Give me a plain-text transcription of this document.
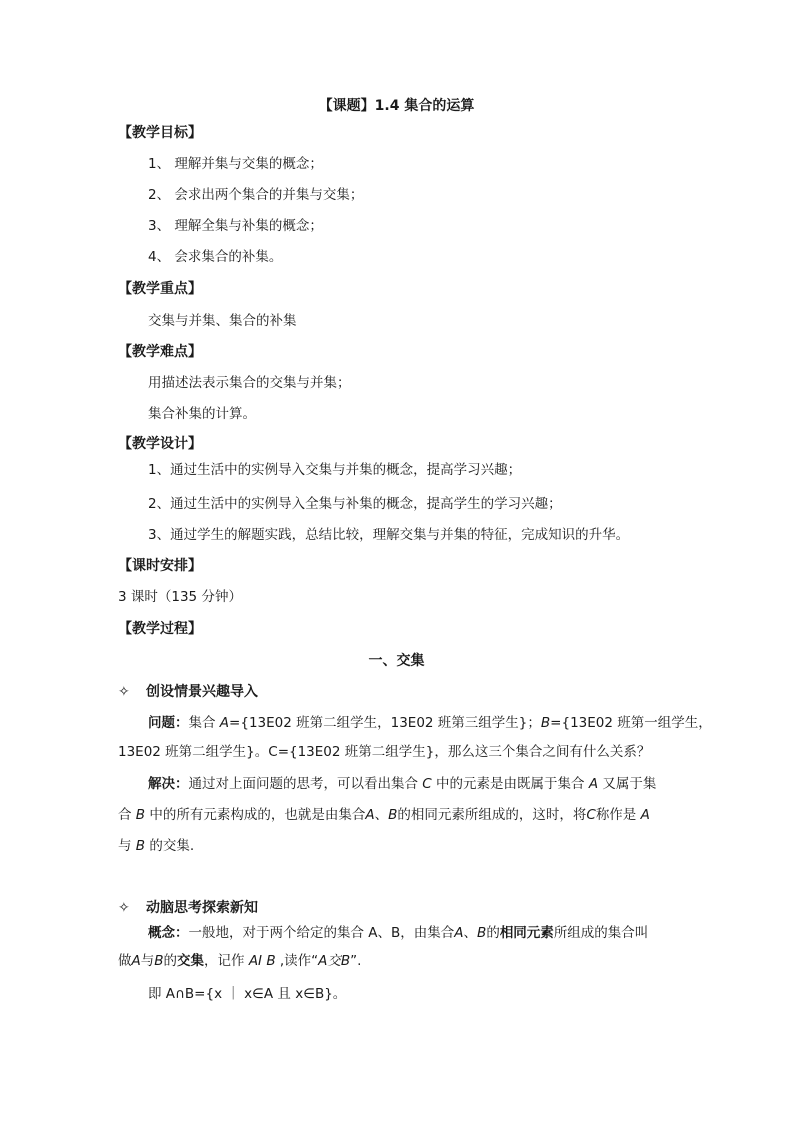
【课题】1.4 集合的运算
【教学目标】
1、 理解并集与交集的概念；
2、 会求出两个集合的并集与交集；
3、 理解全集与补集的概念；
4、 会求集合的补集。
【教学重点】
交集与并集、集合的补集
【教学难点】
用描述法表示集合的交集与并集；
集合补集的计算。
【教学设计】
1、通过生活中的实例导入交集与并集的概念，提高学习兴趣；
2、通过生活中的实例导入全集与补集的概念，提高学生的学习兴趣；
3、通过学生的解题实践，总结比较，理解交集与并集的特征，完成知识的升华。
【课时安排】
3 课时（135 分钟）
【教学过程】
一、交集
✧ 创设情景兴趣导入
问题：集合 A={13E02 班第二组学生，13E02 班第三组学生}；B={13E02 班第一组学生，
13E02 班第二组学生}。C={13E02 班第二组学生}，那么这三个集合之间有什么关系？
解决：通过对上面问题的思考，可以看出集合 C 中的元素是由既属于集合 A 又属于集
合 B 中的所有元素构成的，也就是由集合A、B的相同元素所组成的，这时，将C称作是 A
与 B 的交集.
✧ 动脑思考探索新知
概念：一般地，对于两个给定的集合 A、B，由集合A、B的相同元素所组成的集合叫
做A与B的交集，记作 AI B ,读作“A交B”.
即 A∩B={x ｜ x∈A 且 x∈B}。
